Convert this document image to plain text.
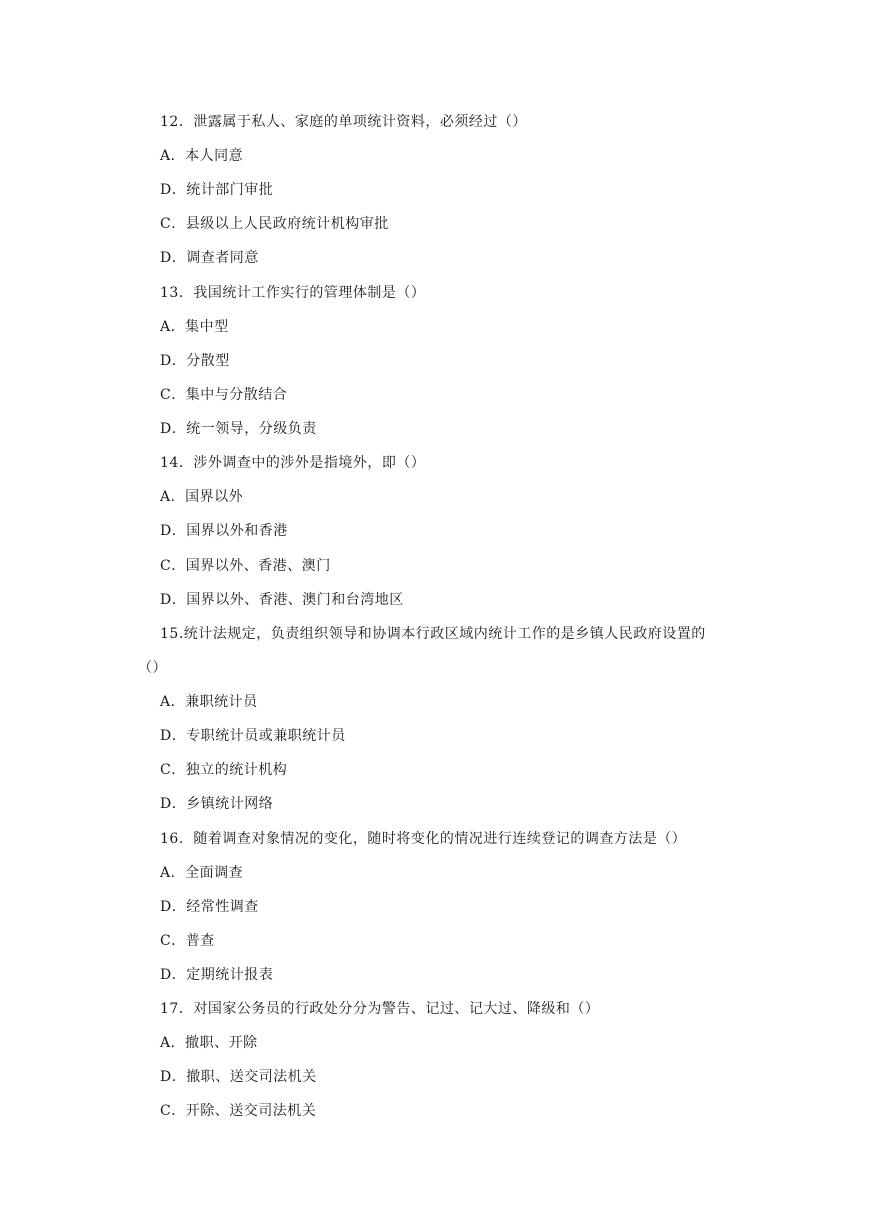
12．泄露属于私人、家庭的单项统计资料，必须经过（）
A．本人同意
D．统计部门审批
C．县级以上人民政府统计机构审批
D．调查者同意
13．我国统计工作实行的管理体制是（）
A．集中型
D．分散型
C．集中与分散结合
D．统一领导，分级负责
14．涉外调查中的涉外是指境外，即（）
A．国界以外
D．国界以外和香港
C．国界以外、香港、澳门
D．国界以外、香港、澳门和台湾地区
15.统计法规定，负责组织领导和协调本行政区域内统计工作的是乡镇人民政府设置的
（）
A．兼职统计员
D．专职统计员或兼职统计员
C．独立的统计机构
D．乡镇统计网络
16．随着调查对象情况的变化，随时将变化的情况进行连续登记的调查方法是（）
A．全面调查
D．经常性调查
C．普查
D．定期统计报表
17．对国家公务员的行政处分分为警告、记过、记大过、降级和（）
A．撤职、开除
D．撤职、送交司法机关
C．开除、送交司法机关
